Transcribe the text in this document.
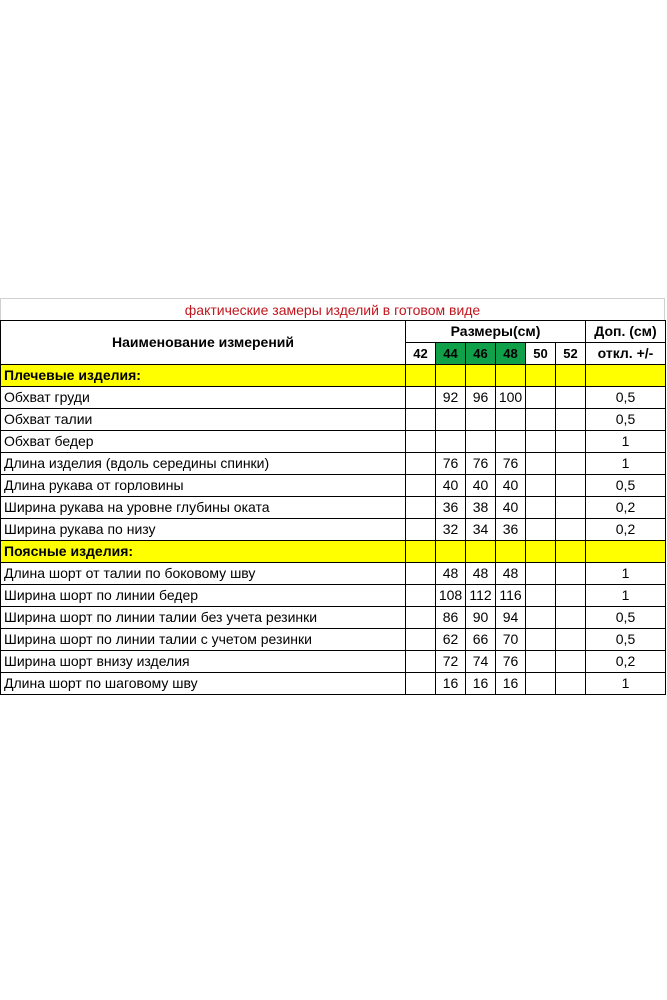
фактические замеры изделий в готовом виде
Наименование измерений	Размеры(см)						Доп. (см)
	42	44	46	48	50	52	откл. +/-
Плечевые изделия:							
Обхват груди		92	96	100			0,5
Обхват талии							0,5
Обхват бедер							1
Длина изделия (вдоль середины спинки)		76	76	76			1
Длина рукава от горловины		40	40	40			0,5
Ширина рукава на уровне глубины оката		36	38	40			0,2
Ширина рукава по низу		32	34	36			0,2
Поясные изделия:							
Длина шорт от талии по боковому шву		48	48	48			1
Ширина шорт по линии бедер		108	112	116			1
Ширина шорт по линии талии без учета резинки		86	90	94			0,5
Ширина шорт по линии талии с учетом резинки		62	66	70			0,5
Ширина шорт внизу изделия		72	74	76			0,2
Длина шорт по шаговому шву		16	16	16			1
